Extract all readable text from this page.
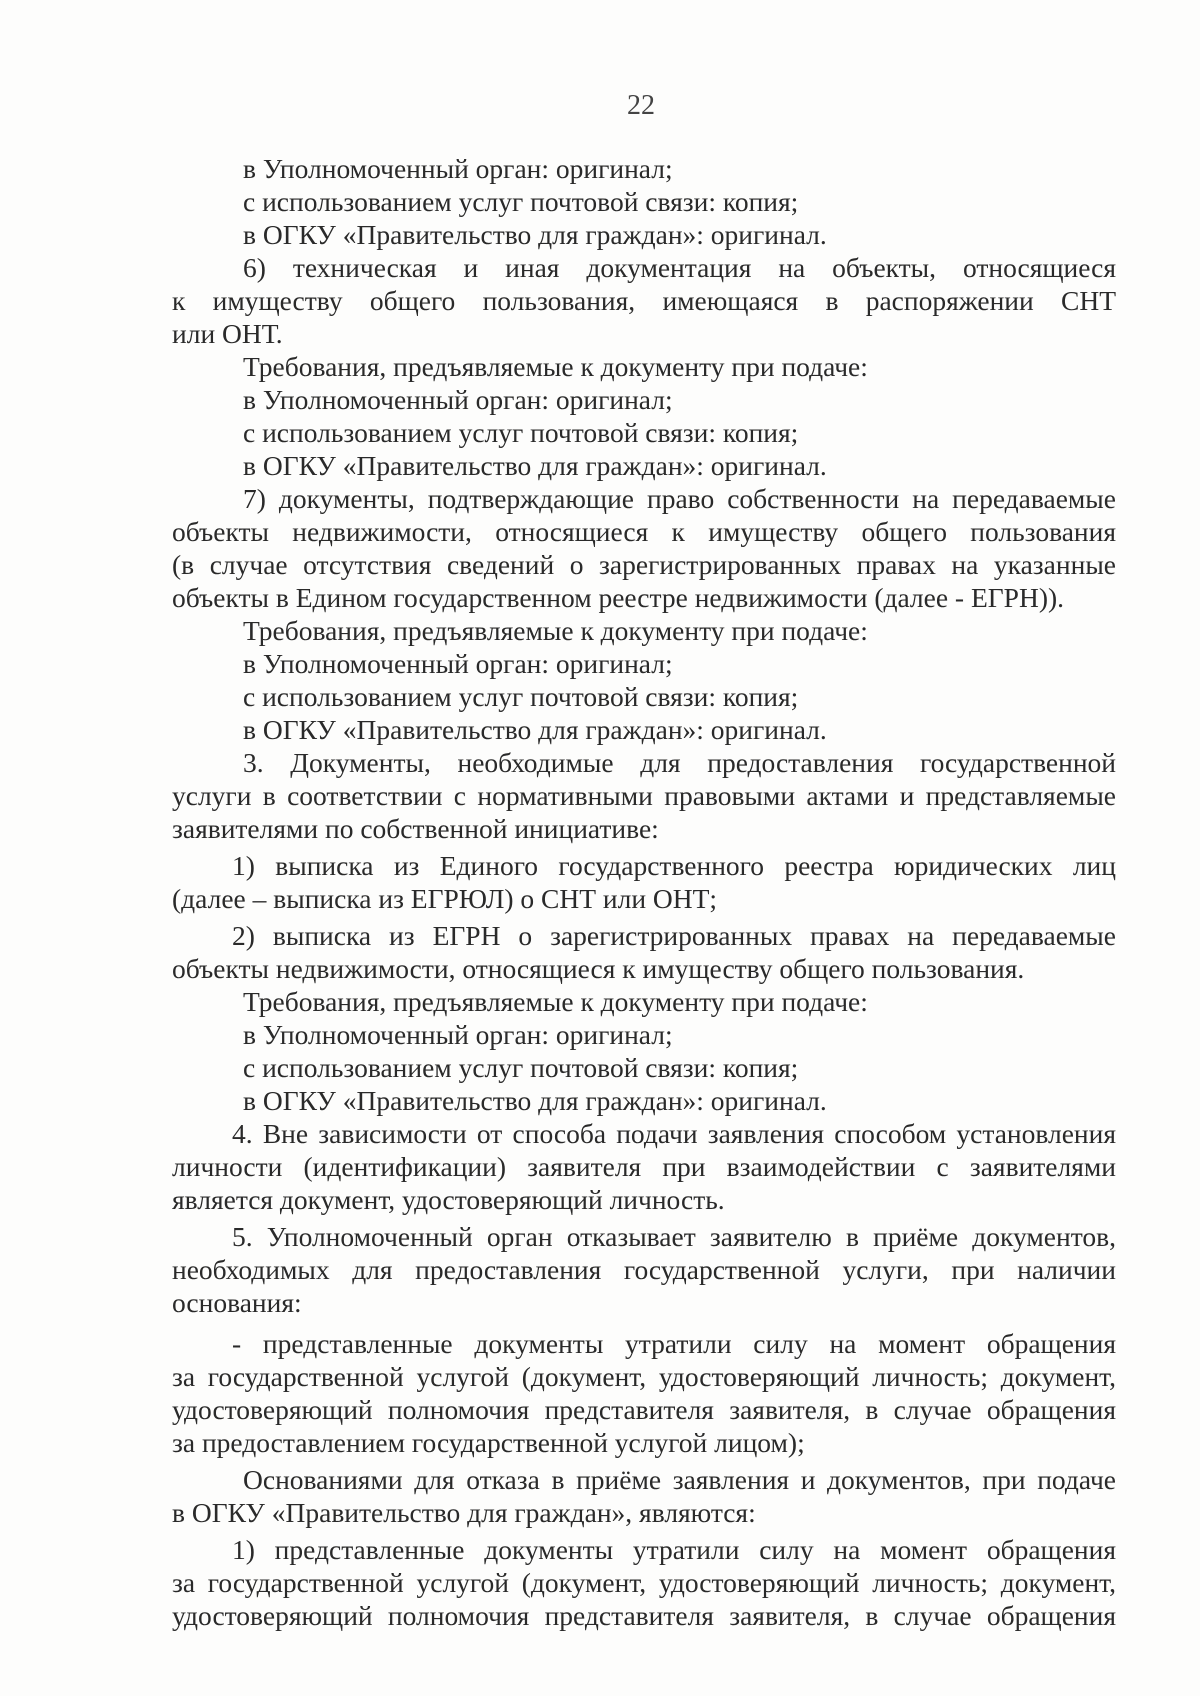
22
в Уполномоченный орган: оригинал;
с использованием услуг почтовой связи: копия;
в ОГКУ «Правительство для граждан»: оригинал.
6) техническая и иная документация на объекты, относящиеся
к имуществу общего пользования, имеющаяся в распоряжении СНТ
или ОНТ.
Требования, предъявляемые к документу при подаче:
в Уполномоченный орган: оригинал;
с использованием услуг почтовой связи: копия;
в ОГКУ «Правительство для граждан»: оригинал.
7) документы, подтверждающие право собственности на передаваемые
объекты недвижимости, относящиеся к имуществу общего пользования
(в случае отсутствия сведений о зарегистрированных правах на указанные
объекты в Едином государственном реестре недвижимости (далее - ЕГРН)).
Требования, предъявляемые к документу при подаче:
в Уполномоченный орган: оригинал;
с использованием услуг почтовой связи: копия;
в ОГКУ «Правительство для граждан»: оригинал.
3. Документы, необходимые для предоставления государственной
услуги в соответствии с нормативными правовыми актами и представляемые
заявителями по собственной инициативе:
1) выписка из Единого государственного реестра юридических лиц
(далее – выписка из ЕГРЮЛ) о СНТ или ОНТ;
2) выписка из ЕГРН о зарегистрированных правах на передаваемые
объекты недвижимости, относящиеся к имуществу общего пользования.
Требования, предъявляемые к документу при подаче:
в Уполномоченный орган: оригинал;
с использованием услуг почтовой связи: копия;
в ОГКУ «Правительство для граждан»: оригинал.
4. Вне зависимости от способа подачи заявления способом установления
личности (идентификации) заявителя при взаимодействии с заявителями
является документ, удостоверяющий личность.
5. Уполномоченный орган отказывает заявителю в приёме документов,
необходимых для предоставления государственной услуги, при наличии
основания:
- представленные документы утратили силу на момент обращения
за государственной услугой (документ, удостоверяющий личность; документ,
удостоверяющий полномочия представителя заявителя, в случае обращения
за предоставлением государственной услугой лицом);
Основаниями для отказа в приёме заявления и документов, при подаче
в ОГКУ «Правительство для граждан», являются:
1) представленные документы утратили силу на момент обращения
за государственной услугой (документ, удостоверяющий личность; документ,
удостоверяющий полномочия представителя заявителя, в случае обращения
